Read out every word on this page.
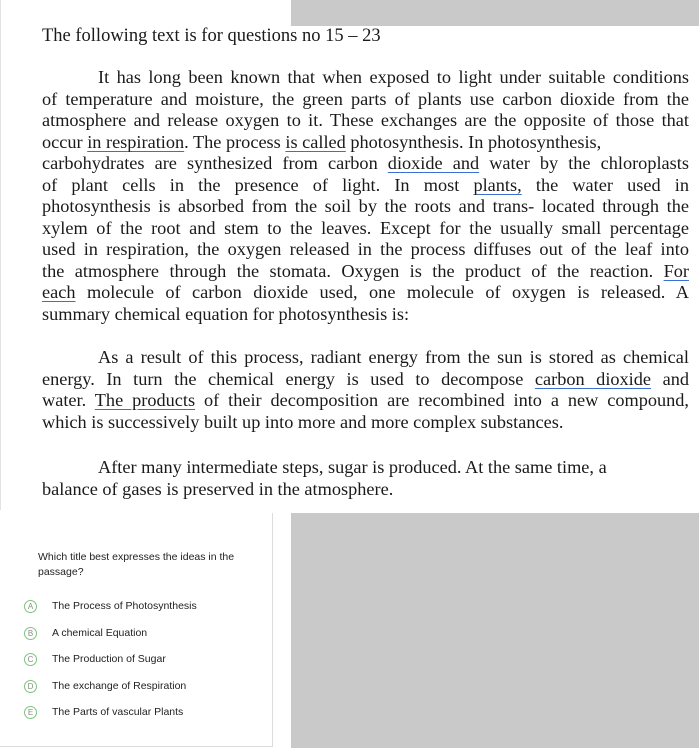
The following text is for questions no 15 – 23
It has long been known that when exposed to light under suitable conditions
of temperature and moisture, the green parts of plants use carbon dioxide from the
atmosphere and release oxygen to it. These exchanges are the opposite of those that
occur in respiration. The process is called photosynthesis. In photosynthesis,
carbohydrates are synthesized from carbon dioxide and water by the chloroplasts
of plant cells in the presence of light. In most plants, the water used in
photosynthesis is absorbed from the soil by the roots and trans- located through the
xylem of the root and stem to the leaves. Except for the usually small percentage
used in respiration, the oxygen released in the process diffuses out of the leaf into
the atmosphere through the stomata. Oxygen is the product of the reaction. For
each molecule of carbon dioxide used, one molecule of oxygen is released. A
summary chemical equation for photosynthesis is:
As a result of this process, radiant energy from the sun is stored as chemical
energy. In turn the chemical energy is used to decompose carbon dioxide and
water. The products of their decomposition are recombined into a new compound,
which is successively built up into more and more complex substances.
After many intermediate steps, sugar is produced. At the same time, a
balance of gases is preserved in the atmosphere.
Which title best expresses the ideas in the passage?
A	The Process of Photosynthesis
B	A chemical Equation
C	The Production of Sugar
D	The exchange of Respiration
E	The Parts of vascular Plants
